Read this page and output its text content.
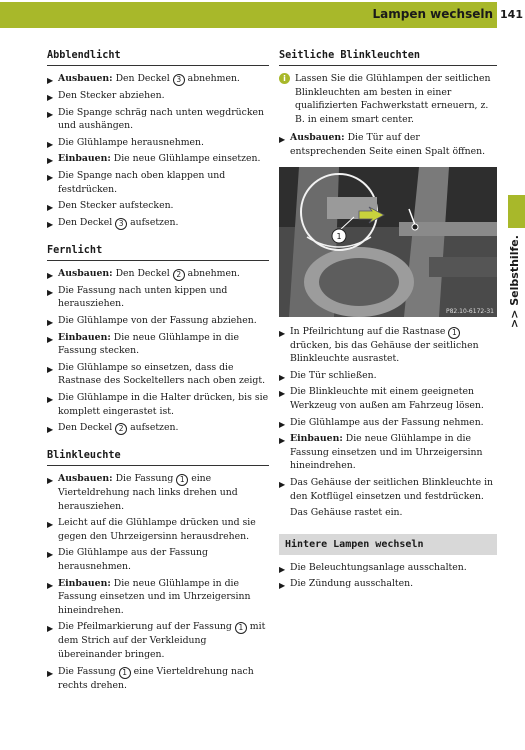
Lampen wechseln 141
>> Selbsthilfe.
Abblendlicht
▶ Ausbauen: Den Deckel 3 abnehmen.
▶ Den Stecker abziehen.
▶ Die Spange schräg nach unten wegdrücken und aushängen.
▶ Die Glühlampe herausnehmen.
▶ Einbauen: Die neue Glühlampe einsetzen.
▶ Die Spange nach oben klappen und festdrücken.
▶ Den Stecker aufstecken.
▶ Den Deckel 3 aufsetzen.
Fernlicht
▶ Ausbauen: Den Deckel 2 abnehmen.
▶ Die Fassung nach unten kippen und herausziehen.
▶ Die Glühlampe von der Fassung abziehen.
▶ Einbauen: Die neue Glühlampe in die Fassung stecken.
▶ Die Glühlampe so einsetzen, dass die Rastnase des Sockeltellers nach oben zeigt.
▶ Die Glühlampe in die Halter drücken, bis sie komplett eingerastet ist.
▶ Den Deckel 2 aufsetzen.
Blinkleuchte
▶ Ausbauen: Die Fassung 1 eine Vierteldrehung nach links drehen und herausziehen.
▶ Leicht auf die Glühlampe drücken und sie gegen den Uhrzeigersinn herausdrehen.
▶ Die Glühlampe aus der Fassung herausnehmen.
▶ Einbauen: Die neue Glühlampe in die Fassung einsetzen und im Uhrzeigersinn hineindrehen.
▶ Die Pfeilmarkierung auf der Fassung 1 mit dem Strich auf der Verkleidung übereinander bringen.
▶ Die Fassung 1 eine Vierteldrehung nach rechts drehen.
Seitliche Blinkleuchten
i Lassen Sie die Glühlampen der seitlichen Blinkleuchten am besten in einer qualifizierten Fachwerkstatt erneuern, z. B. in einem smart center.
▶ Ausbauen: Die Tür auf der entsprechenden Seite einen Spalt öffnen.
1
P82.10-6172-31
▶ In Pfeilrichtung auf die Rastnase 1 drücken, bis das Gehäuse der seitlichen Blinkleuchte ausrastet.
▶ Die Tür schließen.
▶ Die Blinkleuchte mit einem geeigneten Werkzeug von außen am Fahrzeug lösen.
▶ Die Glühlampe aus der Fassung nehmen.
▶ Einbauen: Die neue Glühlampe in die Fassung einsetzen und im Uhrzeigersinn hineindrehen.
▶ Das Gehäuse der seitlichen Blinkleuchte in den Kotflügel einsetzen und festdrücken.
Das Gehäuse rastet ein.
Hintere Lampen wechseln
▶ Die Beleuchtungsanlage ausschalten.
▶ Die Zündung ausschalten.
